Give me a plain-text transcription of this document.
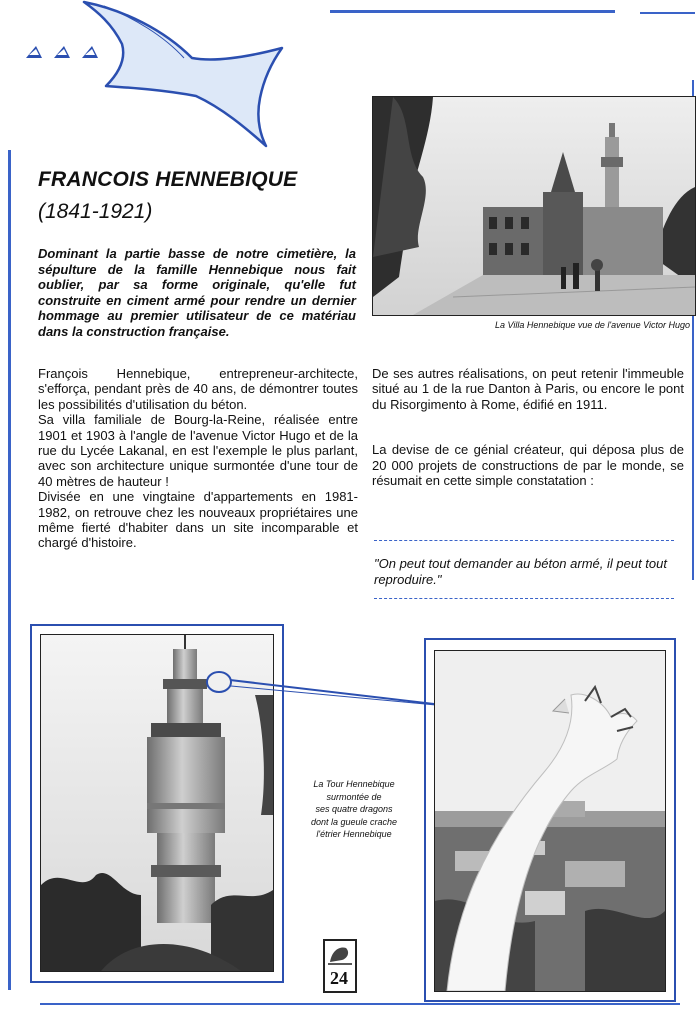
FRANCOIS HENNEBIQUE
(1841-1921)
Dominant la partie basse de notre cimetière, la sépulture de la famille Hennebique nous fait oublier, par sa forme originale, qu'elle fut construite en ciment armé pour rendre un dernier hommage au premier utilisateur de ce matériau dans la construction française.

François Hennebique, entrepreneur-architecte, s'efforça, pendant près de 40 ans, de démontrer toutes les possibilités d'utilisation du béton.

Sa villa familiale de Bourg-la-Reine, réalisée entre 1901 et 1903 à l'angle de l'avenue Victor Hugo et de la rue du Lycée Lakanal, en est l'exemple le plus parlant, avec son architecture unique surmontée d'une tour de 40 mètres de hauteur !

Divisée en une vingtaine d'appartements en 1981-1982, on retrouve chez les nouveaux propriétaires une même fierté d'habiter dans un site incomparable et chargé d'histoire.

De ses autres réalisations, on peut retenir l'immeuble situé au 1 de la rue Danton à Paris, ou encore le pont du Risorgimento à Rome, édifié en 1911.

La devise de ce génial créateur, qui déposa plus de 20 000 projets de constructions de par le monde, se résumait en cette simple constatation :

"On peut tout demander au béton armé, il peut tout reproduire."
La Villa Hennebique vue de l'avenue Victor Hugo
La Tour Hennebique
surmontée de
ses quatre dragons
dont la gueule crache
l'étrier Hennebique
24
